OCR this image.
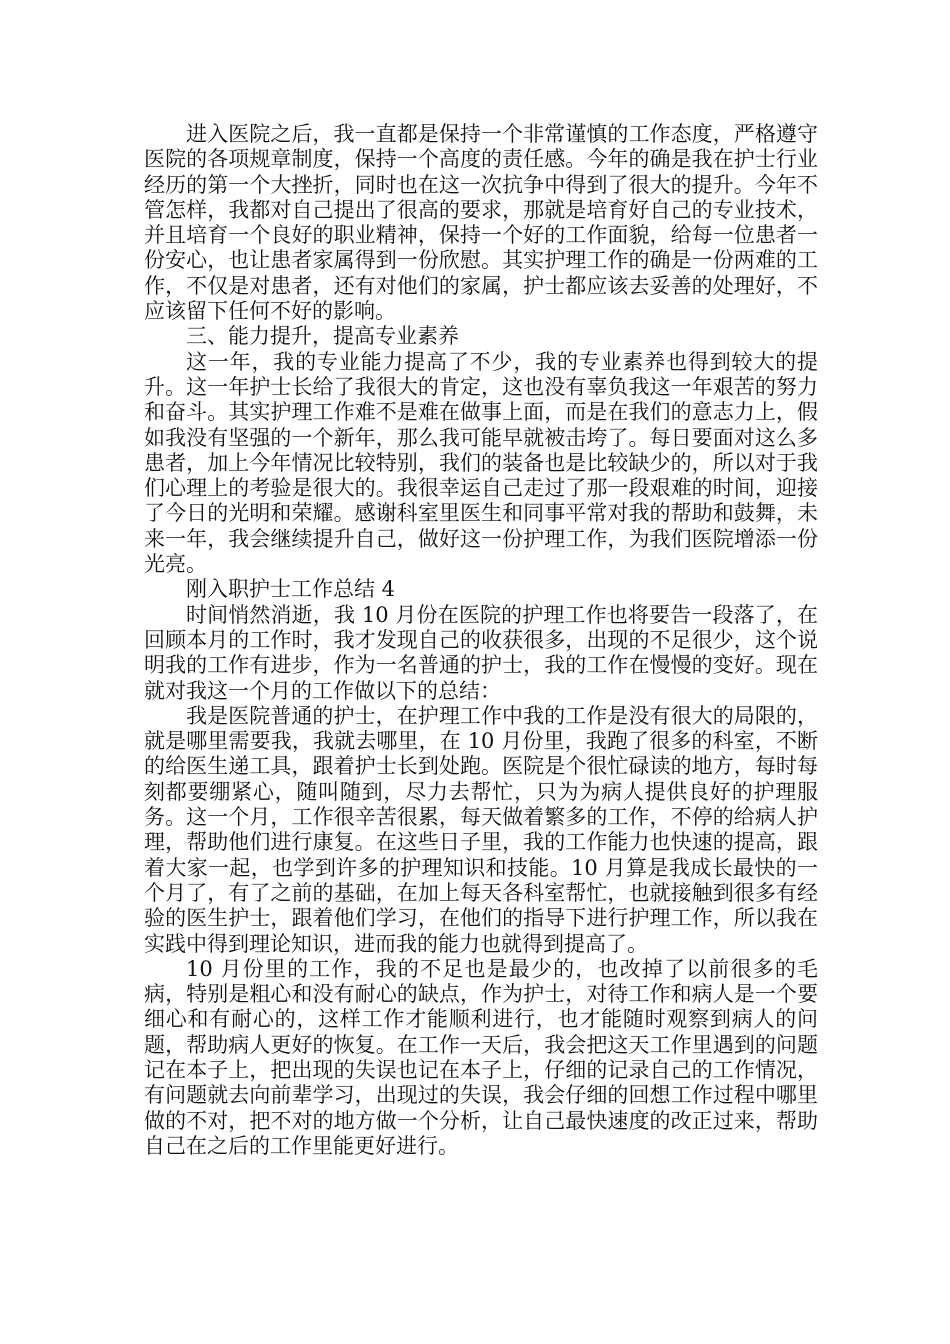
进入医院之后，我一直都是保持一个非常谨慎的工作态度，严格遵守医院的各项规章制度，保持一个高度的责任感。今年的确是我在护士行业经历的第一个大挫折，同时也在这一次抗争中得到了很大的提升。今年不管怎样，我都对自己提出了很高的要求，那就是培育好自己的专业技术，并且培育一个良好的职业精神，保持一个好的工作面貌，给每一位患者一份安心，也让患者家属得到一份欣慰。其实护理工作的确是一份两难的工作，不仅是对患者，还有对他们的家属，护士都应该去妥善的处理好，不应该留下任何不好的影响。

三、能力提升，提高专业素养

这一年，我的专业能力提高了不少，我的专业素养也得到较大的提升。这一年护士长给了我很大的肯定，这也没有辜负我这一年艰苦的努力和奋斗。其实护理工作难不是难在做事上面，而是在我们的意志力上，假如我没有坚强的一个新年，那么我可能早就被击垮了。每日要面对这么多患者，加上今年情况比较特别，我们的装备也是比较缺少的，所以对于我们心理上的考验是很大的。我很幸运自己走过了那一段艰难的时间，迎接了今日的光明和荣耀。感谢科室里医生和同事平常对我的帮助和鼓舞，未来一年，我会继续提升自己，做好这一份护理工作，为我们医院增添一份光亮。

刚入职护士工作总结 4

时间悄然消逝，我 10 月份在医院的护理工作也将要告一段落了，在回顾本月的工作时，我才发现自己的收获很多，出现的不足很少，这个说明我的工作有进步，作为一名普通的护士，我的工作在慢慢的变好。现在就对我这一个月的工作做以下的总结：

我是医院普通的护士，在护理工作中我的工作是没有很大的局限的，就是哪里需要我，我就去哪里，在 10 月份里，我跑了很多的科室，不断的给医生递工具，跟着护士长到处跑。医院是个很忙碌读的地方，每时每刻都要绷紧心，随叫随到，尽力去帮忙，只为为病人提供良好的护理服务。这一个月，工作很辛苦很累，每天做着繁多的工作，不停的给病人护理，帮助他们进行康复。在这些日子里，我的工作能力也快速的提高，跟着大家一起，也学到许多的护理知识和技能。10 月算是我成长最快的一个月了，有了之前的基础，在加上每天各科室帮忙，也就接触到很多有经验的医生护士，跟着他们学习，在他们的指导下进行护理工作，所以我在实践中得到理论知识，进而我的能力也就得到提高了。

10 月份里的工作，我的不足也是最少的，也改掉了以前很多的毛病，特别是粗心和没有耐心的缺点，作为护士，对待工作和病人是一个要细心和有耐心的，这样工作才能顺利进行，也才能随时观察到病人的问题，帮助病人更好的恢复。在工作一天后，我会把这天工作里遇到的问题记在本子上，把出现的失误也记在本子上，仔细的记录自己的工作情况，有问题就去向前辈学习，出现过的失误，我会仔细的回想工作过程中哪里做的不对，把不对的地方做一个分析，让自己最快速度的改正过来，帮助自己在之后的工作里能更好进行。
